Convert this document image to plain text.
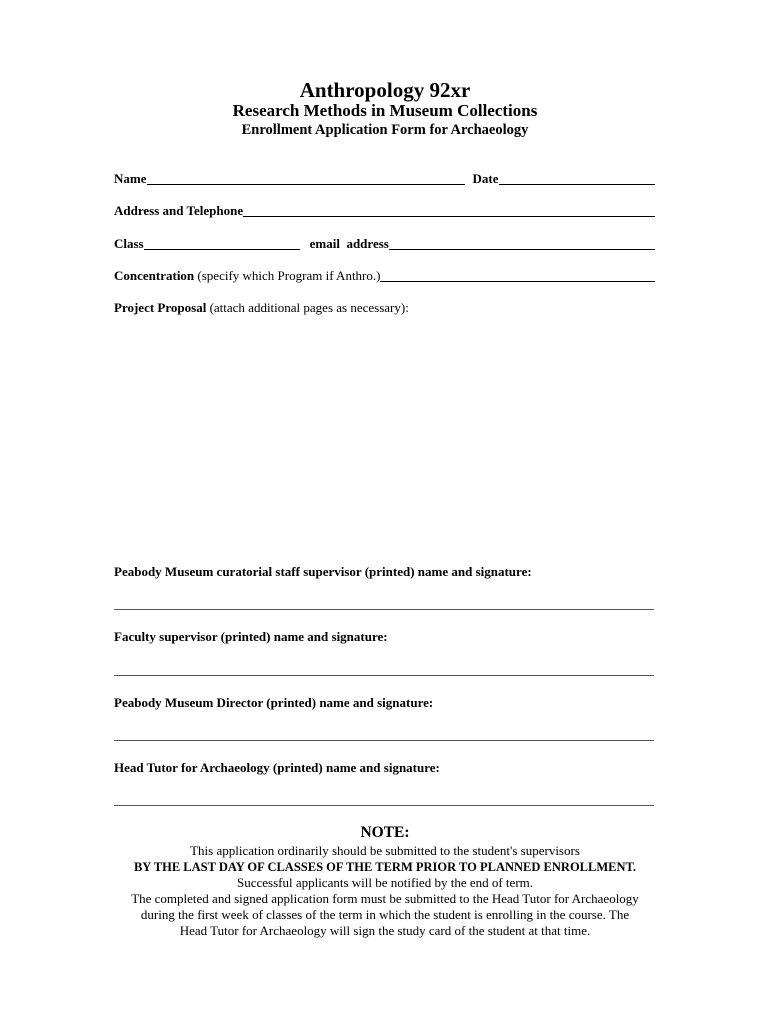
Anthropology 92xr
Research Methods in Museum Collections
Enrollment Application Form for Archaeology
Name	Date
Address and Telephone
Class	email  address
Concentration (specify which Program if Anthro.)
Project Proposal (attach additional pages as necessary):
Peabody Museum curatorial staff supervisor (printed) name and signature:
Faculty supervisor (printed) name and signature:
Peabody Museum Director (printed) name and signature:
Head Tutor for Archaeology (printed) name and signature:
NOTE:
This application ordinarily should be submitted to the student's supervisors
BY THE LAST DAY OF CLASSES OF THE TERM PRIOR TO PLANNED ENROLLMENT.
Successful applicants will be notified by the end of term.
The completed and signed application form must be submitted to the Head Tutor for Archaeology
during the first week of classes of the term in which the student is enrolling in the course. The
Head Tutor for Archaeology will sign the study card of the student at that time.
